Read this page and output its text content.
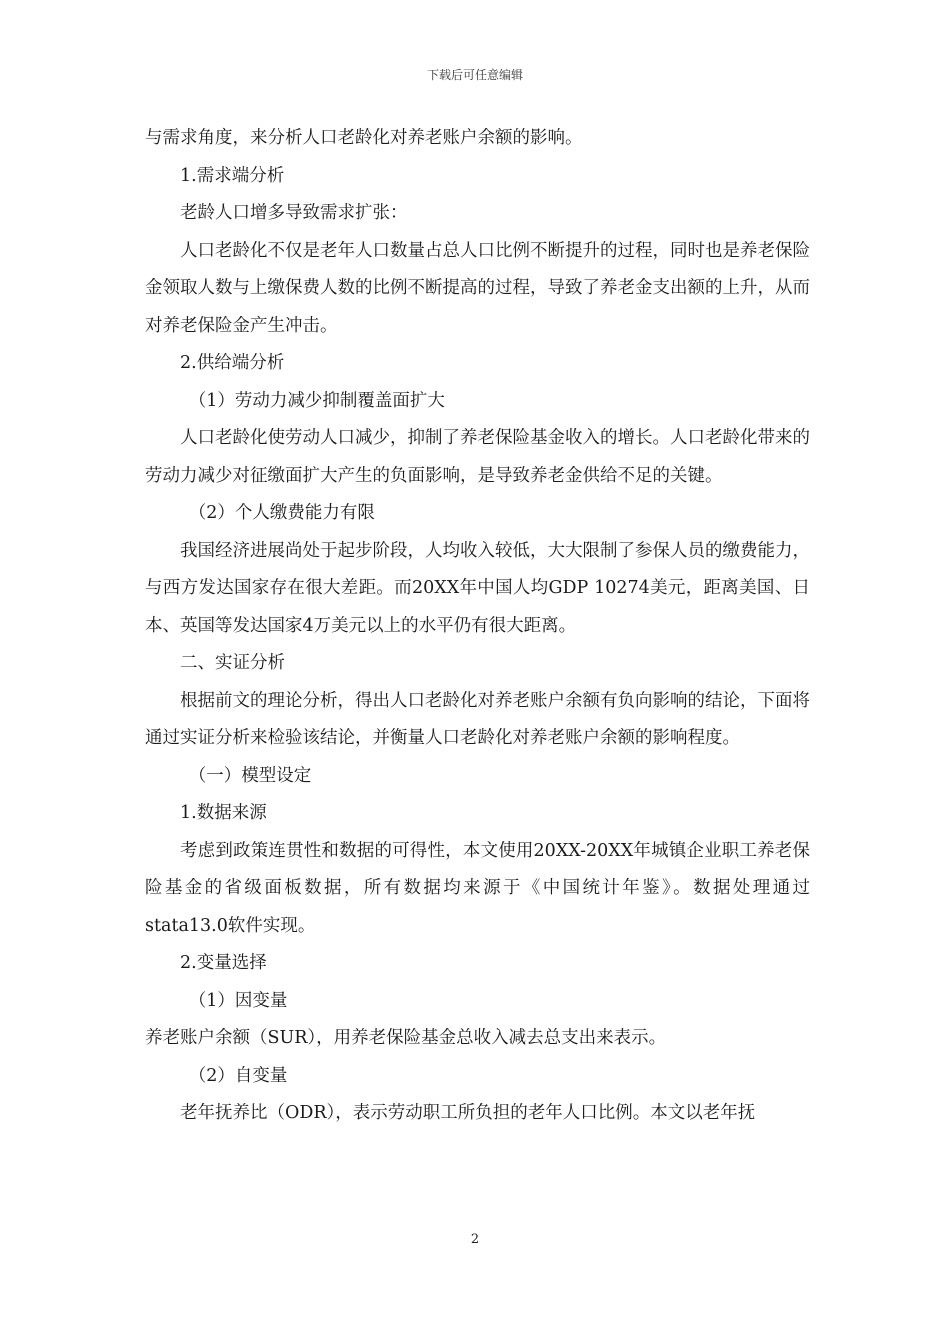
下载后可任意编辑

与需求角度，来分析人口老龄化对养老账户余额的影响。

1.需求端分析

老龄人口增多导致需求扩张：

人口老龄化不仅是老年人口数量占总人口比例不断提升的过程，同时也是养老保险金领取人数与上缴保费人数的比例不断提高的过程，导致了养老金支出额的上升，从而对养老保险金产生冲击。

2.供给端分析

（1）劳动力减少抑制覆盖面扩大

人口老龄化使劳动人口减少，抑制了养老保险基金收入的增长。人口老龄化带来的劳动力减少对征缴面扩大产生的负面影响，是导致养老金供给不足的关键。

（2）个人缴费能力有限

我国经济进展尚处于起步阶段，人均收入较低，大大限制了参保人员的缴费能力，与西方发达国家存在很大差距。而20XX年中国人均GDP 10274美元，距离美国、日本、英国等发达国家4万美元以上的水平仍有很大距离。

二、实证分析

根据前文的理论分析，得出人口老龄化对养老账户余额有负向影响的结论，下面将通过实证分析来检验该结论，并衡量人口老龄化对养老账户余额的影响程度。

（一）模型设定

1.数据来源

考虑到政策连贯性和数据的可得性，本文使用20XX-20XX年城镇企业职工养老保险基金的省级面板数据，所有数据均来源于《中国统计年鉴》。数据处理通过stata13.0软件实现。

2.变量选择

（1）因变量

养老账户余额（SUR），用养老保险基金总收入减去总支出来表示。

（2）自变量

老年抚养比（ODR），表示劳动职工所负担的老年人口比例。本文以老年抚

2
